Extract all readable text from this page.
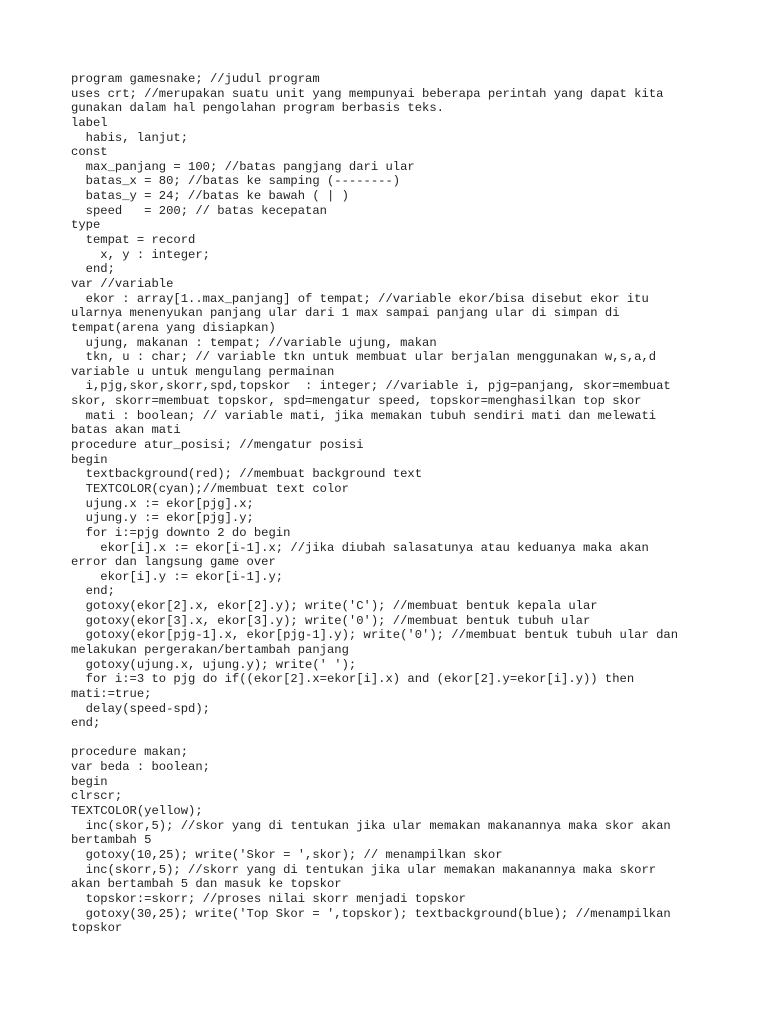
program gamesnake; //judul program
uses crt; //merupakan suatu unit yang mempunyai beberapa perintah yang dapat kita
gunakan dalam hal pengolahan program berbasis teks.
label
habis, lanjut;
const
max_panjang = 100; //batas pangjang dari ular
batas_x = 80; //batas ke samping (--------)
batas_y = 24; //batas ke bawah ( | )
speed   = 200; // batas kecepatan
type
tempat = record
x, y : integer;
end;
var //variable
ekor : array[1..max_panjang] of tempat; //variable ekor/bisa disebut ekor itu
ularnya menenyukan panjang ular dari 1 max sampai panjang ular di simpan di
tempat(arena yang disiapkan)
ujung, makanan : tempat; //variable ujung, makan
tkn, u : char; // variable tkn untuk membuat ular berjalan menggunakan w,s,a,d
variable u untuk mengulang permainan
i,pjg,skor,skorr,spd,topskor  : integer; //variable i, pjg=panjang, skor=membuat
skor, skorr=membuat topskor, spd=mengatur speed, topskor=menghasilkan top skor
mati : boolean; // variable mati, jika memakan tubuh sendiri mati dan melewati
batas akan mati
procedure atur_posisi; //mengatur posisi
begin
textbackground(red); //membuat background text
TEXTCOLOR(cyan);//membuat text color
ujung.x := ekor[pjg].x;
ujung.y := ekor[pjg].y;
for i:=pjg downto 2 do begin
ekor[i].x := ekor[i-1].x; //jika diubah salasatunya atau keduanya maka akan
error dan langsung game over
ekor[i].y := ekor[i-1].y;
end;
gotoxy(ekor[2].x, ekor[2].y); write('C'); //membuat bentuk kepala ular
gotoxy(ekor[3].x, ekor[3].y); write('0'); //membuat bentuk tubuh ular
gotoxy(ekor[pjg-1].x, ekor[pjg-1].y); write('0'); //membuat bentuk tubuh ular dan
melakukan pergerakan/bertambah panjang
gotoxy(ujung.x, ujung.y); write(' ');
for i:=3 to pjg do if((ekor[2].x=ekor[i].x) and (ekor[2].y=ekor[i].y)) then
mati:=true;
delay(speed-spd);
end;
procedure makan;
var beda : boolean;
begin
clrscr;
TEXTCOLOR(yellow);
inc(skor,5); //skor yang di tentukan jika ular memakan makanannya maka skor akan
bertambah 5
gotoxy(10,25); write('Skor = ',skor); // menampilkan skor
inc(skorr,5); //skorr yang di tentukan jika ular memakan makanannya maka skorr
akan bertambah 5 dan masuk ke topskor
topskor:=skorr; //proses nilai skorr menjadi topskor
gotoxy(30,25); write('Top Skor = ',topskor); textbackground(blue); //menampilkan
topskor
